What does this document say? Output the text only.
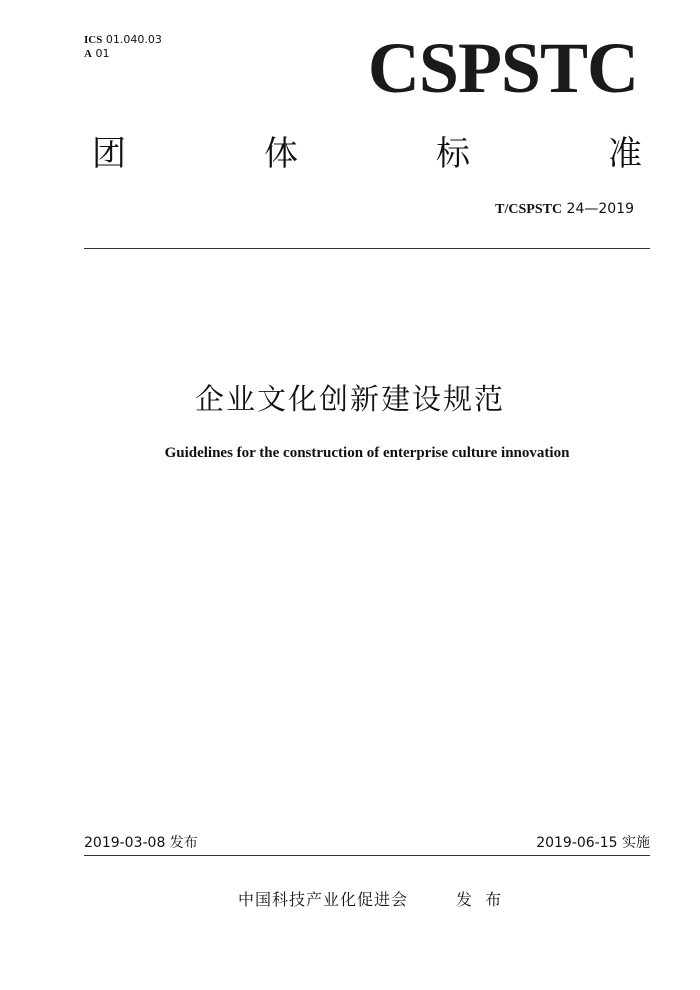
ICS 01.040.03
A 01	CSPSTC
团	体	标	准
T/CSPSTC 24—2019
企业文化创新建设规范
Guidelines for the construction of enterprise culture innovation
2019-03-08 发布	2019-06-15 实施
中国科技产业化促进会	发 布
